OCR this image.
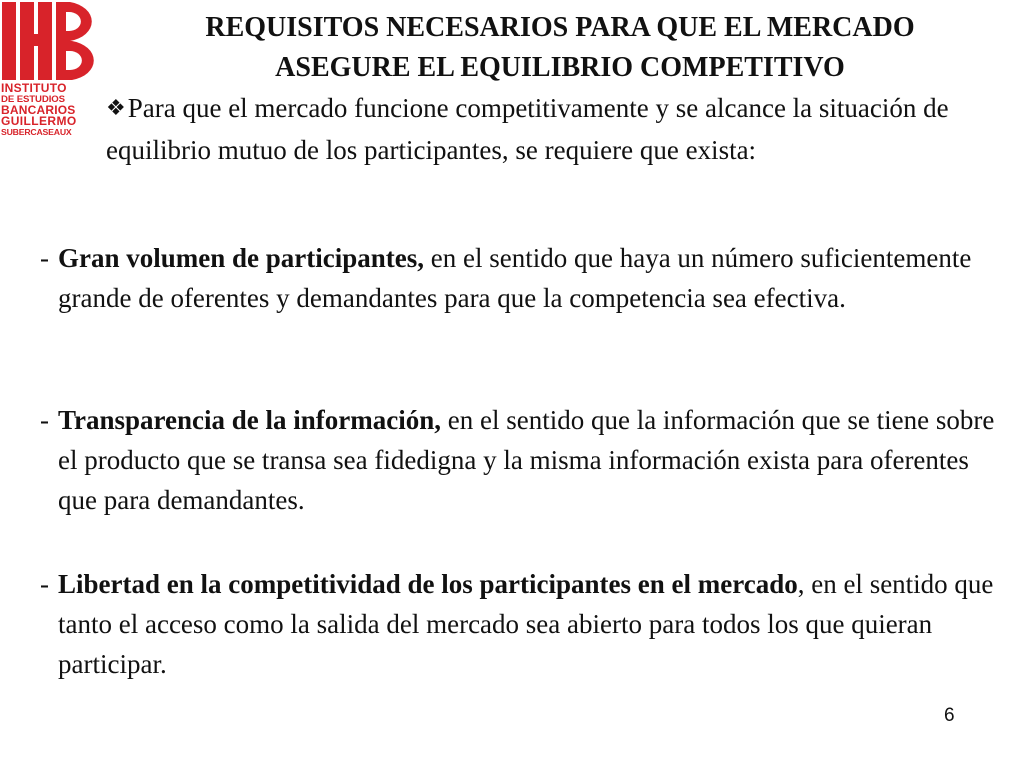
INSTITUTO
DE ESTUDIOS
BANCARIOS
GUILLERMO
SUBERCASEAUX
REQUISITOS NECESARIOS PARA QUE EL MERCADO
ASEGURE EL EQUILIBRIO COMPETITIVO

❖Para que el mercado funcione competitivamente y se alcance la situación de equilibrio mutuo de los participantes, se requiere que exista:

- Gran volumen de participantes, en el sentido que haya un número suficientemente grande de oferentes y demandantes para que la competencia sea efectiva.

- Transparencia de la información, en el sentido que la información que se tiene sobre el producto que se transa sea fidedigna y la misma información exista para oferentes que para demandantes.

- Libertad en la competitividad de los participantes en el mercado, en el sentido que tanto el acceso como la salida del mercado sea abierto para todos los que quieran participar.

6
